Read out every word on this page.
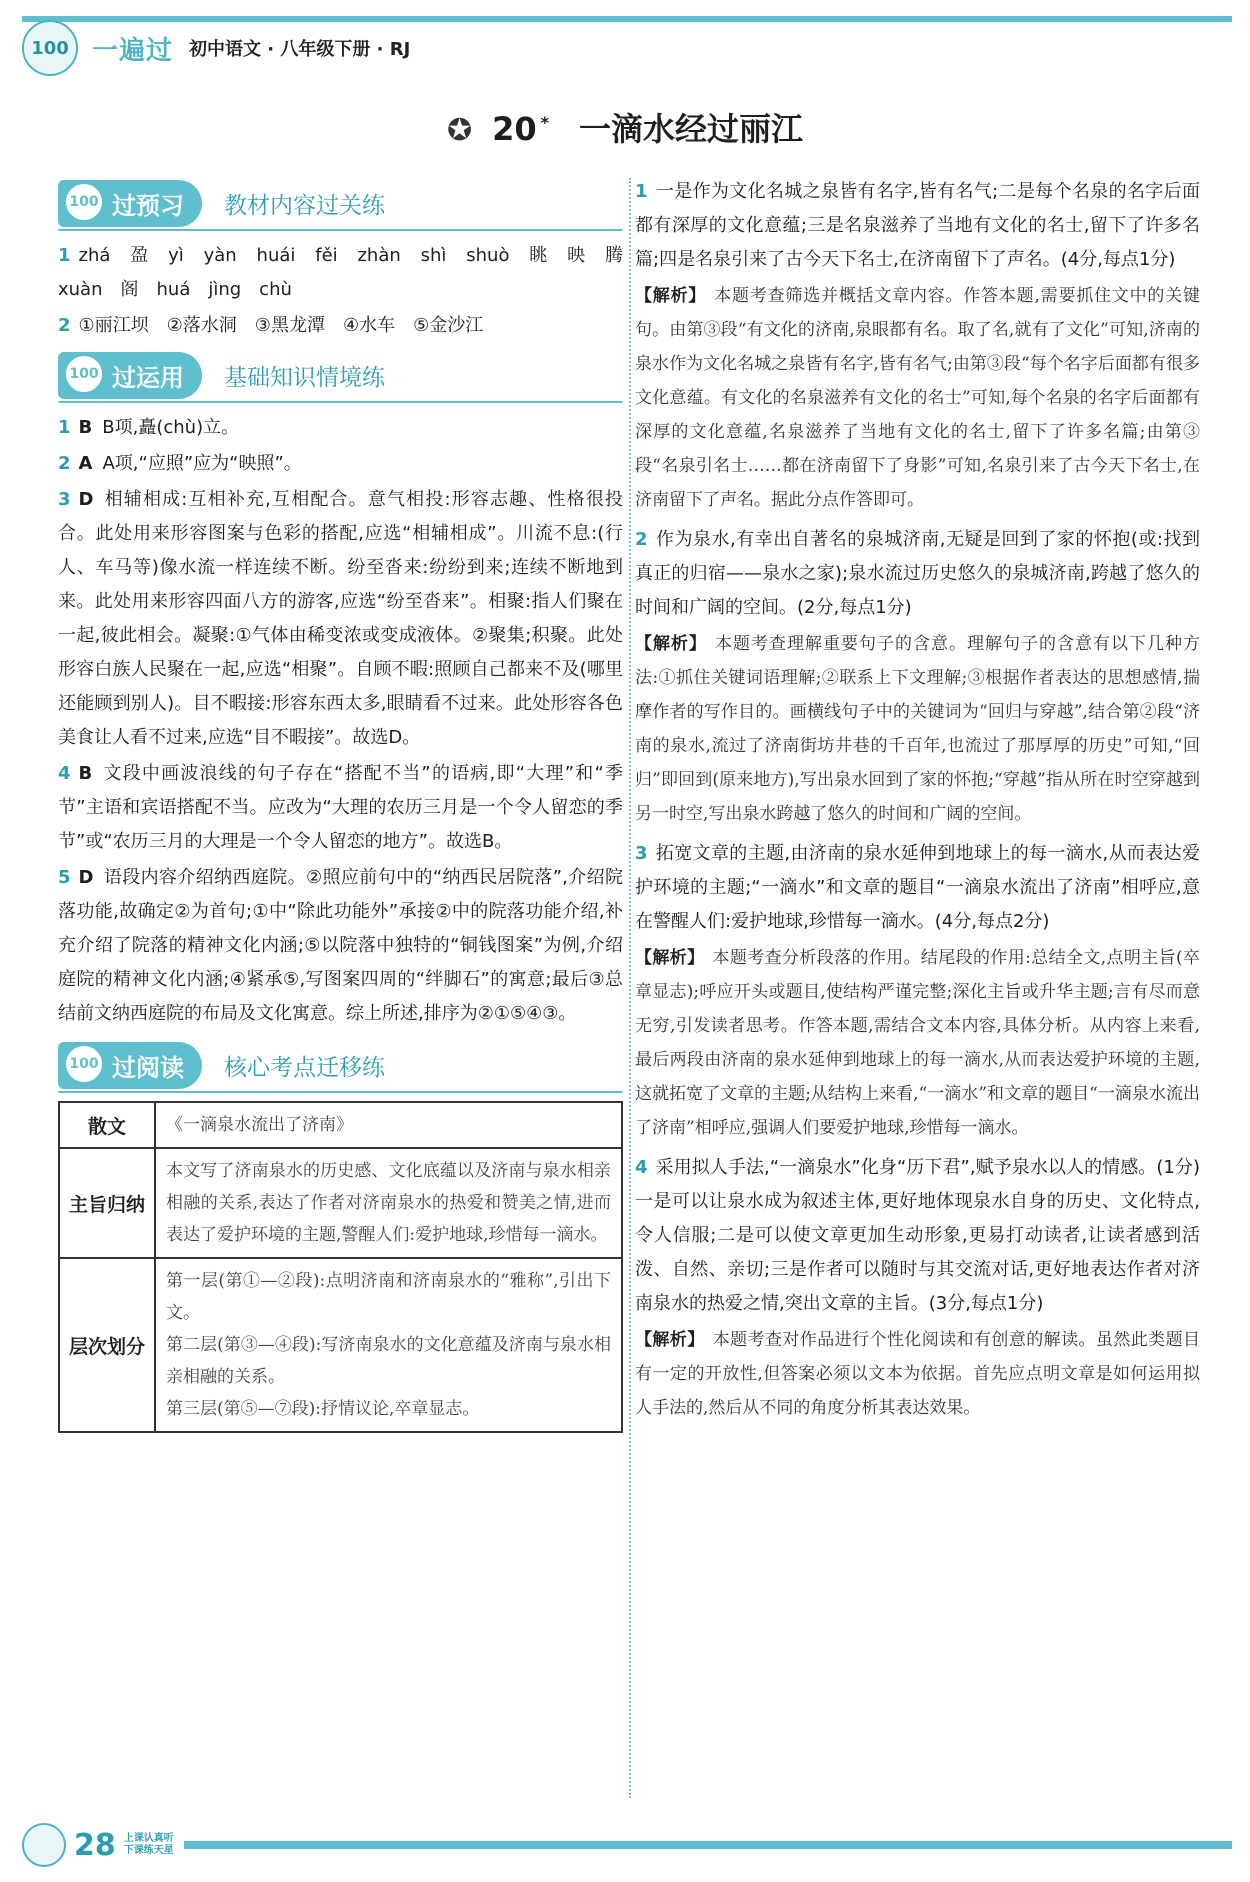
100 一遍过 初中语文 · 八年级下册 · RJ
✪ 20 * 一滴水经过丽江
100 过预习	教材内容过关练

1 zhá　盈　yì　yàn　huái　fěi　zhàn　shì　shuò　眺　映　腾　xuàn　阁　huá　jìng　chù

2 ①丽江坝　②落水洞　③黑龙潭　④水车　⑤金沙江

100 过运用	基础知识情境练

1 B B项,矗(chù)立。

2 A A项,“应照”应为“映照”。

3 D 相辅相成:互相补充,互相配合。意气相投:形容志趣、性格很投合。此处用来形容图案与色彩的搭配,应选“相辅相成”。川流不息:(行人、车马等)像水流一样连续不断。纷至沓来:纷纷到来;连续不断地到来。此处用来形容四面八方的游客,应选“纷至沓来”。相聚:指人们聚在一起,彼此相会。凝聚:①气体由稀变浓或变成液体。②聚集;积聚。此处形容白族人民聚在一起,应选“相聚”。自顾不暇:照顾自己都来不及(哪里还能顾到别人)。目不暇接:形容东西太多,眼睛看不过来。此处形容各色美食让人看不过来,应选“目不暇接”。故选D。

4 B 文段中画波浪线的句子存在“搭配不当”的语病,即“大理”和“季节”主语和宾语搭配不当。应改为“大理的农历三月是一个令人留恋的季节”或“农历三月的大理是一个令人留恋的地方”。故选B。

5 D 语段内容介绍纳西庭院。②照应前句中的“纳西民居院落”,介绍院落功能,故确定②为首句;①中“除此功能外”承接②中的院落功能介绍,补充介绍了院落的精神文化内涵;⑤以院落中独特的“铜钱图案”为例,介绍庭院的精神文化内涵;④紧承⑤,写图案四周的“绊脚石”的寓意;最后③总结前文纳西庭院的布局及文化寓意。综上所述,排序为②①⑤④③。

100 过阅读	核心考点迁移练
散文	《一滴泉水流出了济南》
主旨归纳	本文写了济南泉水的历史感、文化底蕴以及济南与泉水相亲相融的关系,表达了作者对济南泉水的热爱和赞美之情,进而表达了爱护环境的主题,警醒人们:爱护地球,珍惜每一滴水。
层次划分	第一层(第①—②段):点明济南和济南泉水的“雅称”,引出下文。
第二层(第③—④段):写济南泉水的文化意蕴及济南与泉水相亲相融的关系。
第三层(第⑤—⑦段):抒情议论,卒章显志。

1 一是作为文化名城之泉皆有名字,皆有名气;二是每个名泉的名字后面都有深厚的文化意蕴;三是名泉滋养了当地有文化的名士,留下了许多名篇;四是名泉引来了古今天下名士,在济南留下了声名。(4分,每点1分)

【解析】 本题考查筛选并概括文章内容。作答本题,需要抓住文中的关键句。由第③段“有文化的济南,泉眼都有名。取了名,就有了文化”可知,济南的泉水作为文化名城之泉皆有名字,皆有名气;由第③段“每个名字后面都有很多文化意蕴。有文化的名泉滋养有文化的名士”可知,每个名泉的名字后面都有深厚的文化意蕴,名泉滋养了当地有文化的名士,留下了许多名篇;由第③段“名泉引名士……都在济南留下了身影”可知,名泉引来了古今天下名士,在济南留下了声名。据此分点作答即可。

2 作为泉水,有幸出自著名的泉城济南,无疑是回到了家的怀抱(或:找到真正的归宿——泉水之家);泉水流过历史悠久的泉城济南,跨越了悠久的时间和广阔的空间。(2分,每点1分)

【解析】 本题考查理解重要句子的含意。理解句子的含意有以下几种方法:①抓住关键词语理解;②联系上下文理解;③根据作者表达的思想感情,揣摩作者的写作目的。画横线句子中的关键词为“回归与穿越”,结合第②段“济南的泉水,流过了济南街坊井巷的千百年,也流过了那厚厚的历史”可知,“回归”即回到(原来地方),写出泉水回到了家的怀抱;“穿越”指从所在时空穿越到另一时空,写出泉水跨越了悠久的时间和广阔的空间。

3 拓宽文章的主题,由济南的泉水延伸到地球上的每一滴水,从而表达爱护环境的主题;“一滴水”和文章的题目“一滴泉水流出了济南”相呼应,意在警醒人们:爱护地球,珍惜每一滴水。(4分,每点2分)

【解析】 本题考查分析段落的作用。结尾段的作用:总结全文,点明主旨(卒章显志);呼应开头或题目,使结构严谨完整;深化主旨或升华主题;言有尽而意无穷,引发读者思考。作答本题,需结合文本内容,具体分析。从内容上来看,最后两段由济南的泉水延伸到地球上的每一滴水,从而表达爱护环境的主题,这就拓宽了文章的主题;从结构上来看,“一滴水”和文章的题目“一滴泉水流出了济南”相呼应,强调人们要爱护地球,珍惜每一滴水。

4 采用拟人手法,“一滴泉水”化身“历下君”,赋予泉水以人的情感。(1分)一是可以让泉水成为叙述主体,更好地体现泉水自身的历史、文化特点,令人信服;二是可以使文章更加生动形象,更易打动读者,让读者感到活泼、自然、亲切;三是作者可以随时与其交流对话,更好地表达作者对济南泉水的热爱之情,突出文章的主旨。(3分,每点1分)

【解析】 本题考查对作品进行个性化阅读和有创意的解读。虽然此类题目有一定的开放性,但答案必须以文本为依据。首先应点明文章是如何运用拟人手法的,然后从不同的角度分析其表达效果。

28 上课认真听
下课练天星
